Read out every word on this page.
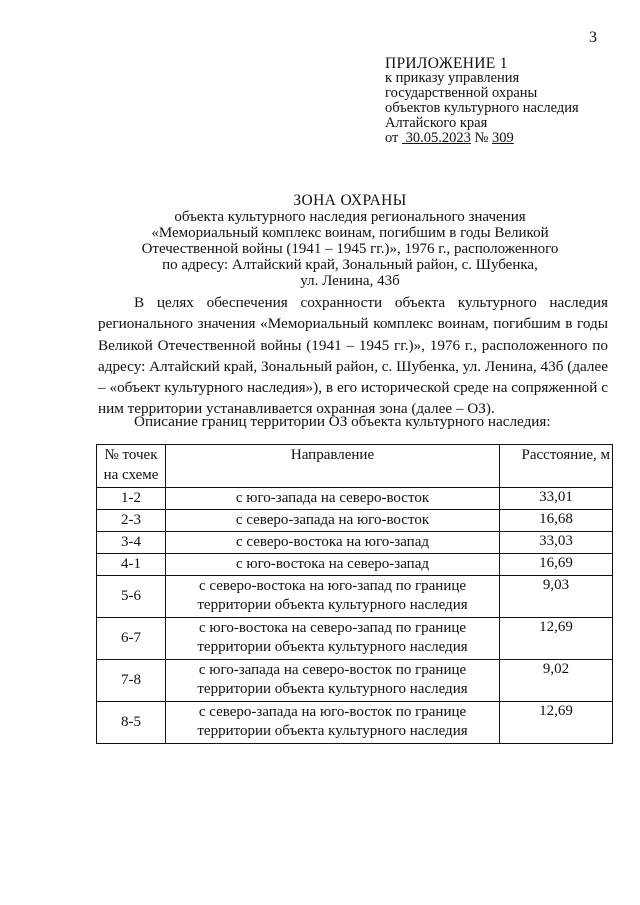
3
ПРИЛОЖЕНИЕ 1
к приказу управления
государственной охраны
объектов культурного наследия
Алтайского края
от 30.05.2023 № 309
ЗОНА ОХРАНЫ
объекта культурного наследия регионального значения
«Мемориальный комплекс воинам, погибшим в годы Великой
Отечественной войны (1941 – 1945 гг.)», 1976 г., расположенного
по адресу: Алтайский край, Зональный район, с. Шубенка,
ул. Ленина, 43б

В целях обеспечения сохранности объекта культурного наследия регионального значения «Мемориальный комплекс воинам, погибшим в годы Великой Отечественной войны (1941 – 1945 гг.)», 1976 г., расположенного по адресу: Алтайский край, Зональный район, с. Шубенка, ул. Ленина, 43б (далее – «объект культурного наследия»), в его исторической среде на сопряженной с ним территории устанавливается охранная зона (далее – ОЗ).

Описание границ территории ОЗ объекта культурного наследия:
№ точек
на схеме	Направление	Расстояние, м
1-2	с юго-запада на северо-восток	33,01
2-3	с северо-запада на юго-восток	16,68
3-4	с северо-востока на юго-запад	33,03
4-1	с юго-востока на северо-запад	16,69
5-6	с северо-востока на юго-запад по границе
территории объекта культурного наследия	9,03
6-7	с юго-востока на северо-запад по границе
территории объекта культурного наследия	12,69
7-8	с юго-запада на северо-восток по границе
территории объекта культурного наследия	9,02
8-5	с северо-запада на юго-восток по границе
территории объекта культурного наследия	12,69
